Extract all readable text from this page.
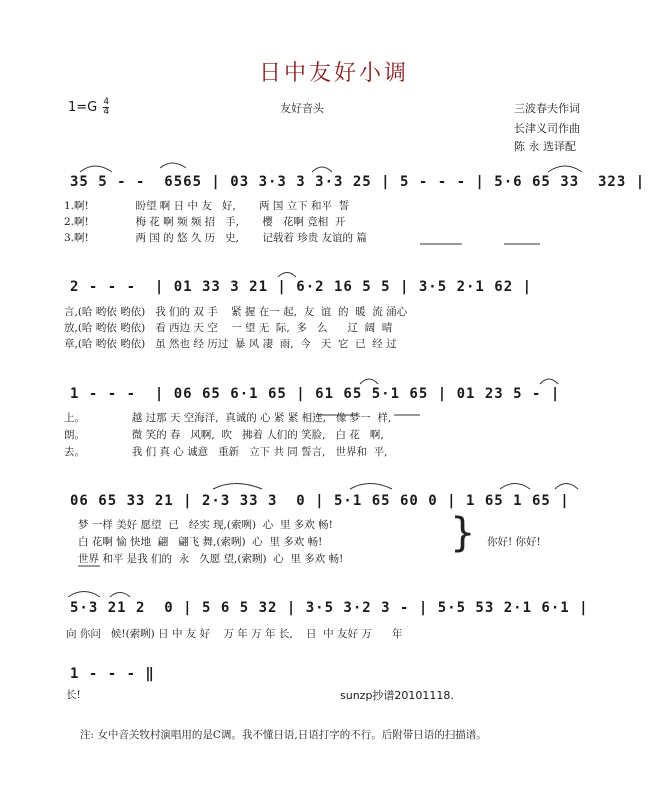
日中友好小调
$1=G \frac{4}{4}$	友好音头	三波春夫作词
长津义司作曲
陈 永 选译配
35 5 - -  6565 | 03 3·3 3 3·3 25 | 5 - - - | 5·6 65 33  323 |
1.啊!              盼望 啊 日 中 友   好,       两 国 立下 和平  誓
2.啊!              梅 花 啊 频 频 招   手,       樱   花啊 竞相  开
3.啊!              两 国 的 悠 久 历   史,       记载着 珍贵 友谊的 篇
2 - - -  | 01 33 3 21 | 6·2 16 5 5 | 3·5 2·1 62 |
言,(哈 哟依 哟依)   我 们的 双 手    紧 握 在一 起,  友  谊  的  暖  流 涌心
放,(哈 哟依 哟依)   看 西边 天 空    一 望 无  际,  多   么      辽  阔  晴
章,(哈 哟依 哟依)   虽 然也 经 历过  暴 风 凄  雨,  今   天  它  已  经 过
1 - - -  | 06 65 6·1 65 | 61 65 5·1 65 | 01 23 5 - |
上。              越 过那 天 空海洋,  真诚的 心 紧 紧 相连,   像 梦一  样,
朗。              微 笑的 春   风啊,  吹   拂着 人们的 笑脸,   白 花   啊,
去。              我 们 真 心 诚意   重新   立下 共 同 誓言,   世界和  平,
06 65 33 21 | 2·3 33 3  0 | 5·1 65 60 0 | 1 65 1 65 |
梦 一样 美好 愿望  已   经实 现,(索咧)  心  里 多欢 畅!
白 花啊 愉 快地  翩   翩飞 舞,(索咧)  心  里 多欢 畅!
世界 和平 是我 们的  永   久愿 望,(索咧)  心  里 多欢 畅!
} 你好! 你好!
5·3 21 2  0 | 5 6 5 32 | 3·5 3·2 3 - | 5·5 53 2·1 6·1 |
向 你问   候!(索咧) 日 中 友 好    万 年 万 年 长,    日  中 友好 万      年
1 - - - ‖
长!	sunzp抄谱20101118.
注: 女中音关牧村演唱用的是C调。我不懂日语,日语打字的不行。后附带日语的扫描谱。
